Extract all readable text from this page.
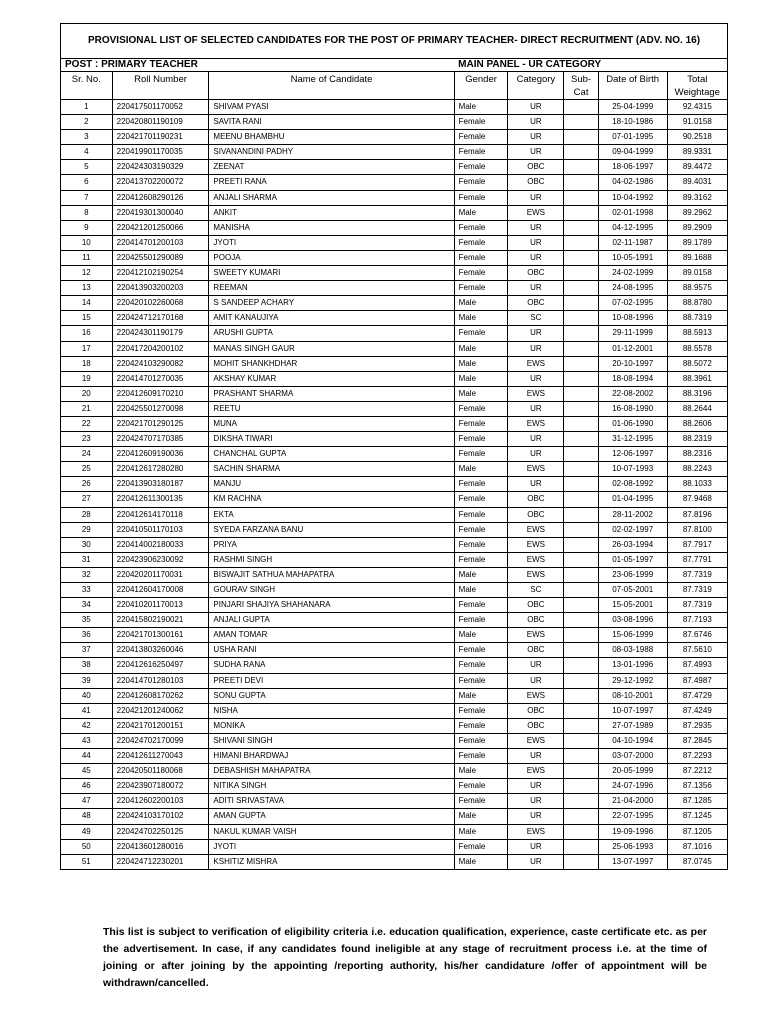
PROVISIONAL LIST OF SELECTED CANDIDATES FOR THE POST OF PRIMARY TEACHER- DIRECT RECRUITMENT (ADV. NO. 16)							
POST : PRIMARY TEACHER			MAIN PANEL - UR CATEGORY				
Sr. No.	Roll Number	Name of Candidate	Gender	Category	Sub-Cat	Date of Birth	Total Weightage
1	220417501170052	SHIVAM PYASI	Male	UR		25-04-1999	92.4315
2	220420801190109	SAVITA RANI	Female	UR		18-10-1986	91.0158
3	220421701190231	MEENU BHAMBHU	Female	UR		07-01-1995	90.2518
4	220419901170035	SIVANANDINI PADHY	Female	UR		09-04-1999	89.9331
5	220424303190329	ZEENAT	Female	OBC		18-06-1997	89.4472
6	220413702200072	PREETI RANA	Female	OBC		04-02-1986	89.4031
7	220412608290126	ANJALI SHARMA	Female	UR		10-04-1992	89.3162
8	220419301300040	ANKIT	Male	EWS		02-01-1998	89.2962
9	220421201250066	MANISHA	Female	UR		04-12-1995	89.2909
10	220414701200103	JYOTI	Female	UR		02-11-1987	89.1789
11	220425501290089	POOJA	Female	UR		10-05-1991	89.1688
12	220412102190254	SWEETY KUMARI	Female	OBC		24-02-1999	89.0158
13	220413903200203	REEMAN	Female	UR		24-08-1995	88.9575
14	220420102260068	S SANDEEP ACHARY	Male	OBC		07-02-1995	88.8780
15	220424712170168	AMIT KANAUJIYA	Male	SC		10-08-1996	88.7319
16	220424301190179	ARUSHI GUPTA	Female	UR		29-11-1999	88.5913
17	220417204200102	MANAS SINGH GAUR	Male	UR		01-12-2001	88.5578
18	220424103290082	MOHIT SHANKHDHAR	Male	EWS		20-10-1997	88.5072
19	220414701270035	AKSHAY KUMAR	Male	UR		18-08-1994	88.3961
20	220412609170210	PRASHANT SHARMA	Male	EWS		22-08-2002	88.3196
21	220425501270098	REETU	Female	UR		16-08-1990	88.2644
22	220421701290125	MUNA	Female	EWS		01-06-1990	88.2606
23	220424707170385	DIKSHA TIWARI	Female	UR		31-12-1995	88.2319
24	220412609190036	CHANCHAL GUPTA	Female	UR		12-06-1997	88.2316
25	220412617280280	SACHIN SHARMA	Male	EWS		10-07-1993	88.2243
26	220413903180187	MANJU	Female	UR		02-08-1992	88.1033
27	220412611300135	KM RACHNA	Female	OBC		01-04-1995	87.9468
28	220412614170118	EKTA	Female	OBC		28-11-2002	87.8196
29	220410501170103	SYEDA FARZANA BANU	Female	EWS		02-02-1997	87.8100
30	220414002180033	PRIYA	Female	EWS		26-03-1994	87.7917
31	220423906230092	RASHMI SINGH	Female	EWS		01-05-1997	87.7791
32	220420201170031	BISWAJIT SATHUA MAHAPATRA	Male	EWS		23-06-1999	87.7319
33	220412604170008	GOURAV SINGH	Male	SC		07-05-2001	87.7319
34	220410201170013	PINJARI SHAJIYA SHAHANARA	Female	OBC		15-05-2001	87.7319
35	220415802190021	ANJALI GUPTA	Female	OBC		03-08-1996	87.7193
36	220421701300161	AMAN TOMAR	Male	EWS		15-06-1999	87.6746
37	220413803260046	USHA RANI	Female	OBC		08-03-1988	87.5610
38	220412616250497	SUDHA RANA	Female	UR		13-01-1996	87.4993
39	220414701280103	PREETI DEVI	Female	UR		29-12-1992	87.4987
40	220412608170262	SONU GUPTA	Male	EWS		08-10-2001	87.4729
41	220421201240062	NISHA	Female	OBC		10-07-1997	87.4249
42	220421701200151	MONIKA	Female	OBC		27-07-1989	87.2935
43	220424702170099	SHIVANI SINGH	Female	EWS		04-10-1994	87.2845
44	220412611270043	HIMANI BHARDWAJ	Female	UR		03-07-2000	87.2293
45	220420501180068	DEBASHISH MAHAPATRA	Male	EWS		20-05-1999	87.2212
46	220423907180072	NITIKA SINGH	Female	UR		24-07-1996	87.1356
47	220412602200103	ADITI SRIVASTAVA	Female	UR		21-04-2000	87.1285
48	220424103170102	AMAN GUPTA	Male	UR		22-07-1995	87.1245
49	220424702250125	NAKUL KUMAR VAISH	Male	EWS		19-09-1996	87.1205
50	220413601280016	JYOTI	Female	UR		25-06-1993	87.1016
51	220424712230201	KSHITIZ MISHRA	Male	UR		13-07-1997	87.0745
This list is subject to verification of eligibility criteria i.e. education qualification, experience, caste certificate etc. as per the advertisement. In case, if any candidates found ineligible at any stage of recruitment process i.e. at the time of joining or after joining by the appointing /reporting authority, his/her candidature /offer of appointment will be withdrawn/cancelled.
